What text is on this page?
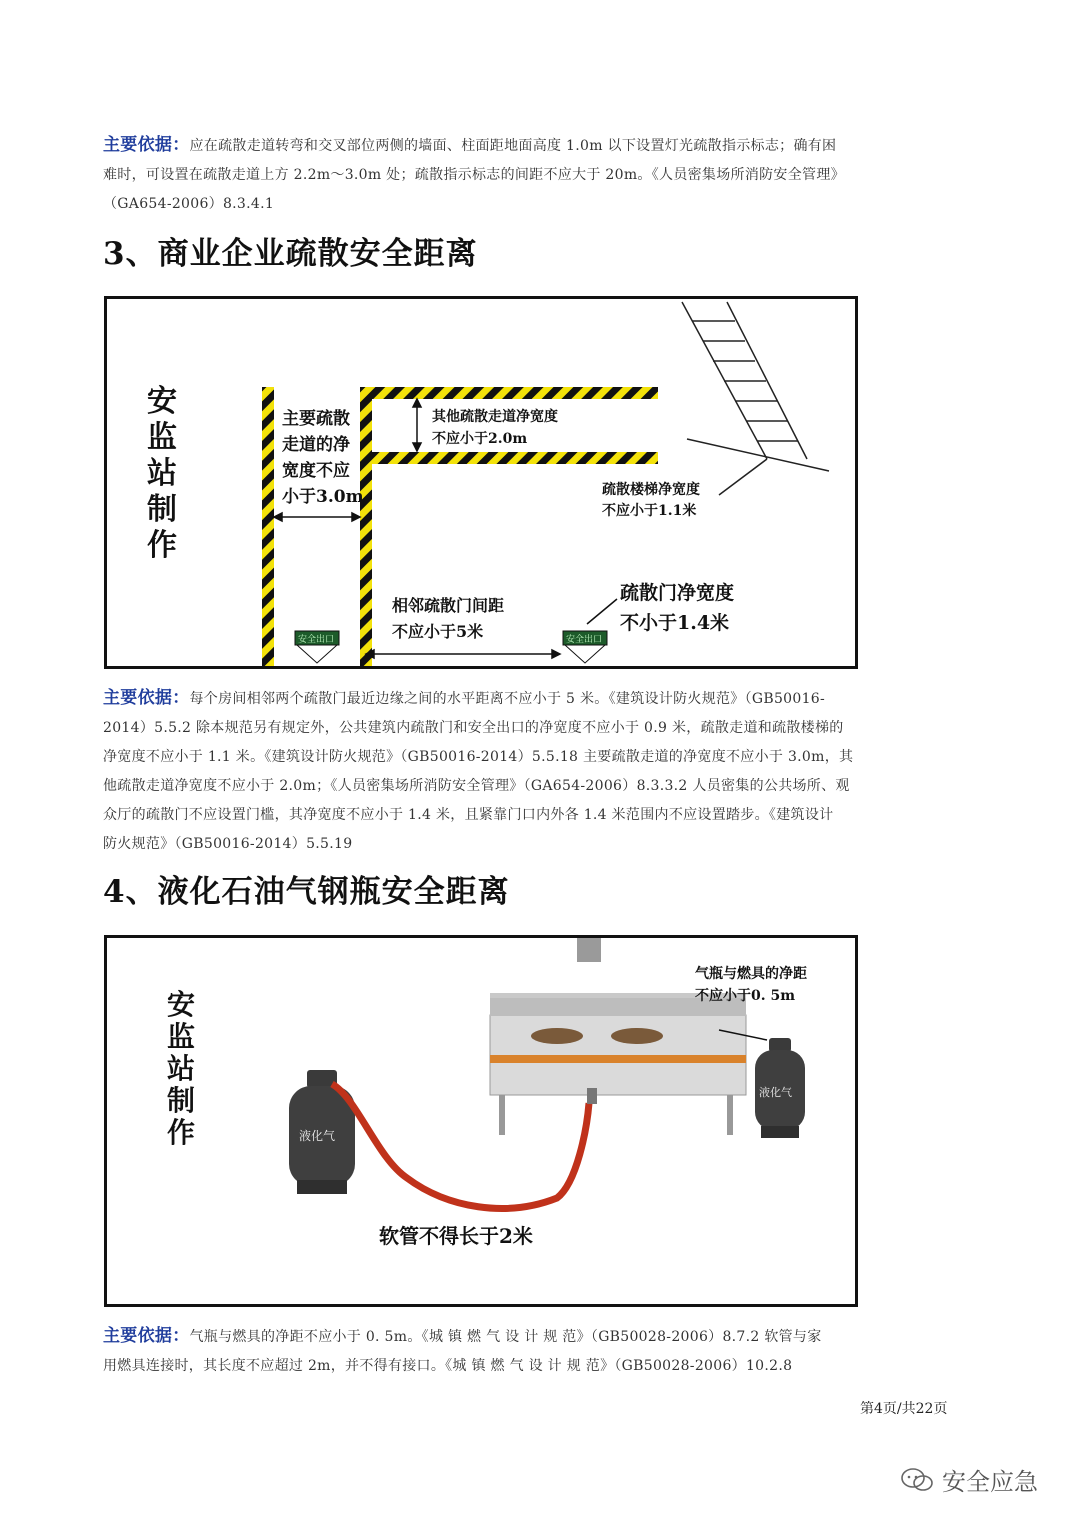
主要依据：应在疏散走道转弯和交叉部位两侧的墙面、柱面距地面高度 1.0m 以下设置灯光疏散指示标志；确有困
难时，可设置在疏散走道上方 2.2m～3.0m 处；疏散指示标志的间距不应大于 20m。《人员密集场所消防安全管理》
（GA654-2006）8.3.4.1
3、商业企业疏散安全距离
安
监
站
制
作
主要疏散
走道的净
宽度不应
小于3.0m
其他疏散走道净宽度
不应小于2.0m
疏散楼梯净宽度
不应小于1.1米
相邻疏散门间距
不应小于5米
疏散门净宽度
不小于1.4米
安全出口	安全出口
主要依据：每个房间相邻两个疏散门最近边缘之间的水平距离不应小于 5 米。《建筑设计防火规范》（GB50016-
2014）5.5.2 除本规范另有规定外，公共建筑内疏散门和安全出口的净宽度不应小于 0.9 米，疏散走道和疏散楼梯的
净宽度不应小于 1.1 米。《建筑设计防火规范》（GB50016-2014）5.5.18 主要疏散走道的净宽度不应小于 3.0m，其
他疏散走道净宽度不应小于 2.0m；《人员密集场所消防安全管理》（GA654-2006）8.3.3.2 人员密集的公共场所、观
众厅的疏散门不应设置门槛，其净宽度不应小于 1.4 米，且紧靠门口内外各 1.4 米范围内不应设置踏步。《建筑设计
防火规范》（GB50016-2014）5.5.19
4、液化石油气钢瓶安全距离
安
监
站
制
作	液化气
液化气
气瓶与燃具的净距
不应小于0. 5m
软管不得长于2米
主要依据：气瓶与燃具的净距不应小于 0. 5m。《城 镇 燃 气 设 计 规 范》（GB50028-2006）8.7.2 软管与家
用燃具连接时，其长度不应超过 2m，并不得有接口。《城 镇 燃 气 设 计 规 范》（GB50028-2006）10.2.8
第4页/共22页
安全应急
